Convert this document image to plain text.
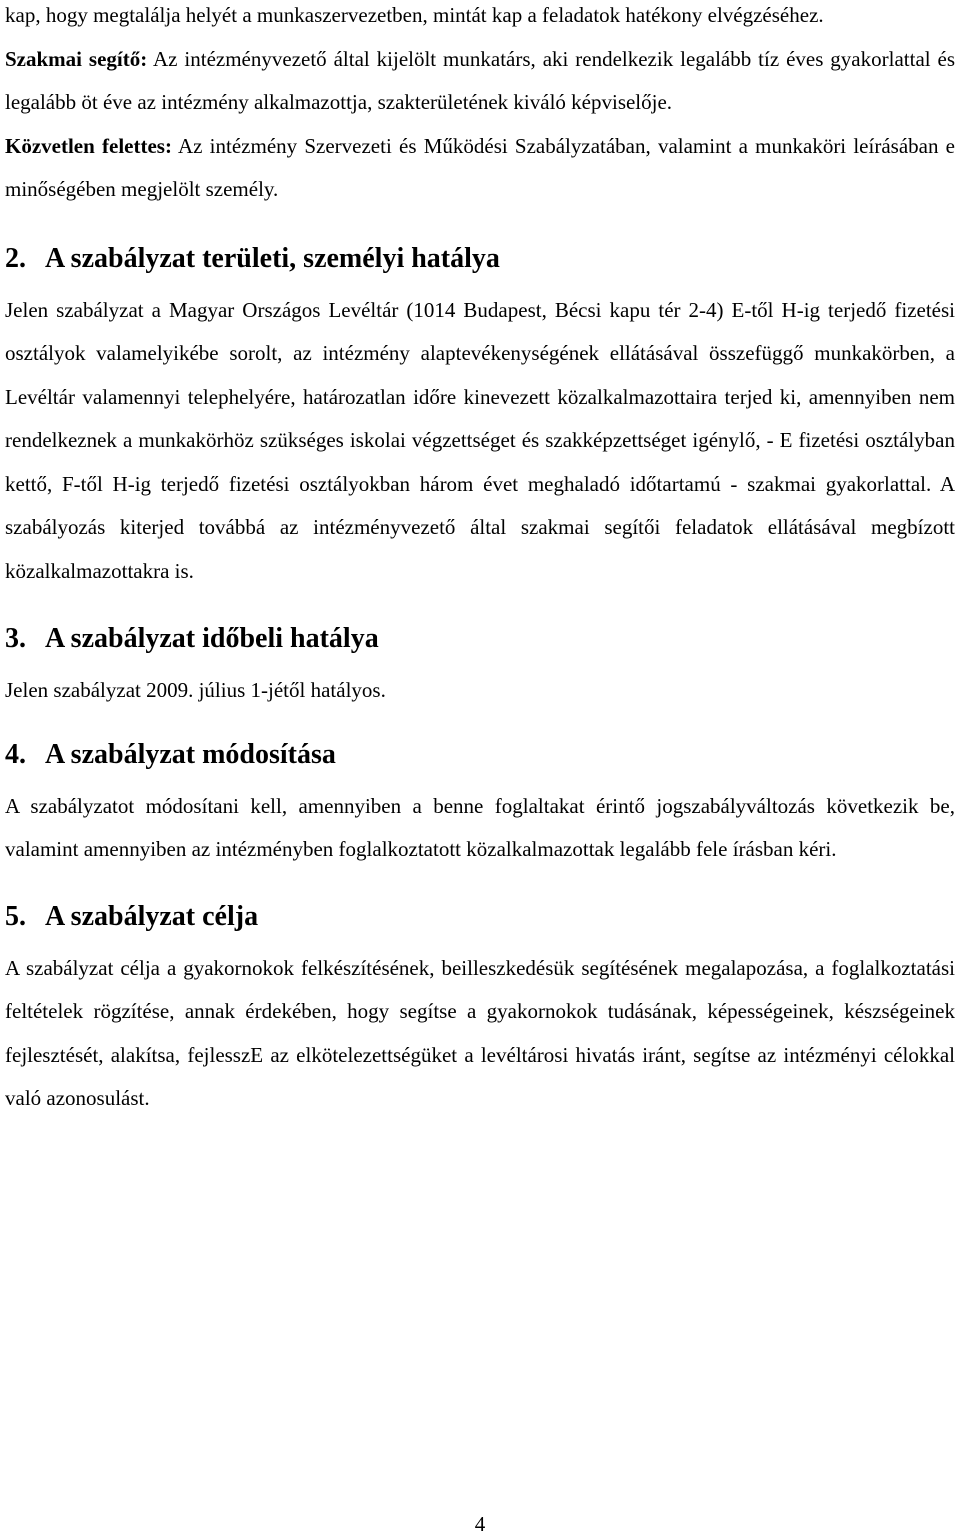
kap, hogy megtalálja helyét a munkaszervezetben, mintát kap a feladatok hatékony elvégzéséhez.

Szakmai segítő: Az intézményvezető által kijelölt munkatárs, aki rendelkezik legalább tíz éves gyakorlattal és legalább öt éve az intézmény alkalmazottja, szakterületének kiváló képviselője.

Közvetlen felettes: Az intézmény Szervezeti és Működési Szabályzatában, valamint a munkaköri leírásában e minőségében megjelölt személy.

2. A szabályzat területi, személyi hatálya

Jelen szabályzat a Magyar Országos Levéltár (1014 Budapest, Bécsi kapu tér 2-4) E-től H-ig terjedő fizetési osztályok valamelyikébe sorolt, az intézmény alaptevékenységének ellátásával összefüggő munkakörben, a Levéltár valamennyi telephelyére, határozatlan időre kinevezett közalkalmazottaira terjed ki, amennyiben nem rendelkeznek a munkakörhöz szükséges iskolai végzettséget és szakképzettséget igénylő, - E fizetési osztályban kettő, F-től H-ig terjedő fizetési osztályokban három évet meghaladó időtartamú - szakmai gyakorlattal. A szabályozás kiterjed továbbá az intézményvezető által szakmai segítői feladatok ellátásával megbízott közalkalmazottakra is.

3. A szabályzat időbeli hatálya

Jelen szabályzat 2009. július 1-jétől hatályos.

4. A szabályzat módosítása

A szabályzatot módosítani kell, amennyiben a benne foglaltakat érintő jogszabályváltozás következik be, valamint amennyiben az intézményben foglalkoztatott közalkalmazottak legalább fele írásban kéri.

5. A szabályzat célja

A szabályzat célja a gyakornokok felkészítésének, beilleszkedésük segítésének megalapozása, a foglalkoztatási feltételek rögzítése, annak érdekében, hogy segítse a gyakornokok tudásának, képességeinek, készségeinek fejlesztését, alakítsa, fejlesszE az elkötelezettségüket a levéltárosi hivatás iránt, segítse az intézményi célokkal való azonosulást.

4
